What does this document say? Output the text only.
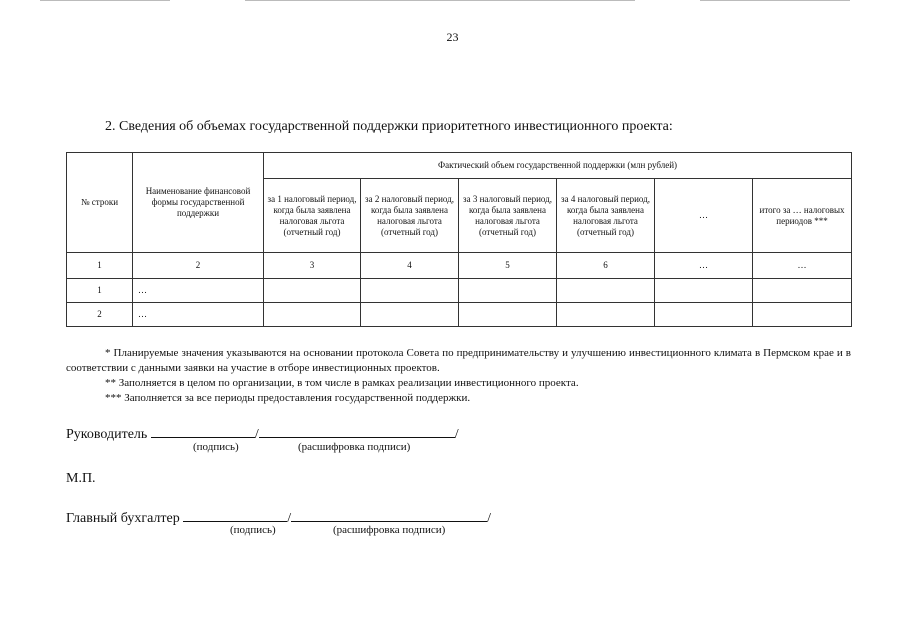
23
2. Сведения об объемах государственной поддержки приоритетного инвестиционного проекта:
№ строки	Наименование финансовой формы государственной поддержки	Фактический объем государственной поддержки (млн рублей)					
		за 1 налоговый период, когда была заявлена налоговая льгота (отчетный год)	за 2 налоговый период, когда была заявлена налоговая льгота (отчетный год)	за 3 налоговый период, когда была заявлена налоговая льгота (отчетный год)	за 4 налоговый период, когда была заявлена налоговая льгота (отчетный год)	…	итого за … налоговых периодов ***
1	2	3	4	5	6	…	…
1	…						
2	…						

* Планируемые значения указываются на основании протокола Совета по предпринимательству и улучшению инвестиционного климата в Пермском крае и в соответствии с данными заявки на участие в отборе инвестиционных проектов.

** Заполняется в целом по организации, в том числе в рамках реализации инвестиционного проекта.

*** Заполняется за все периоды предоставления государственной поддержки.

Руководитель	/	/
(подпись)	(расшифровка подписи)
М.П.
Главный бухгалтер	/	/
(подпись)	(расшифровка подписи)
